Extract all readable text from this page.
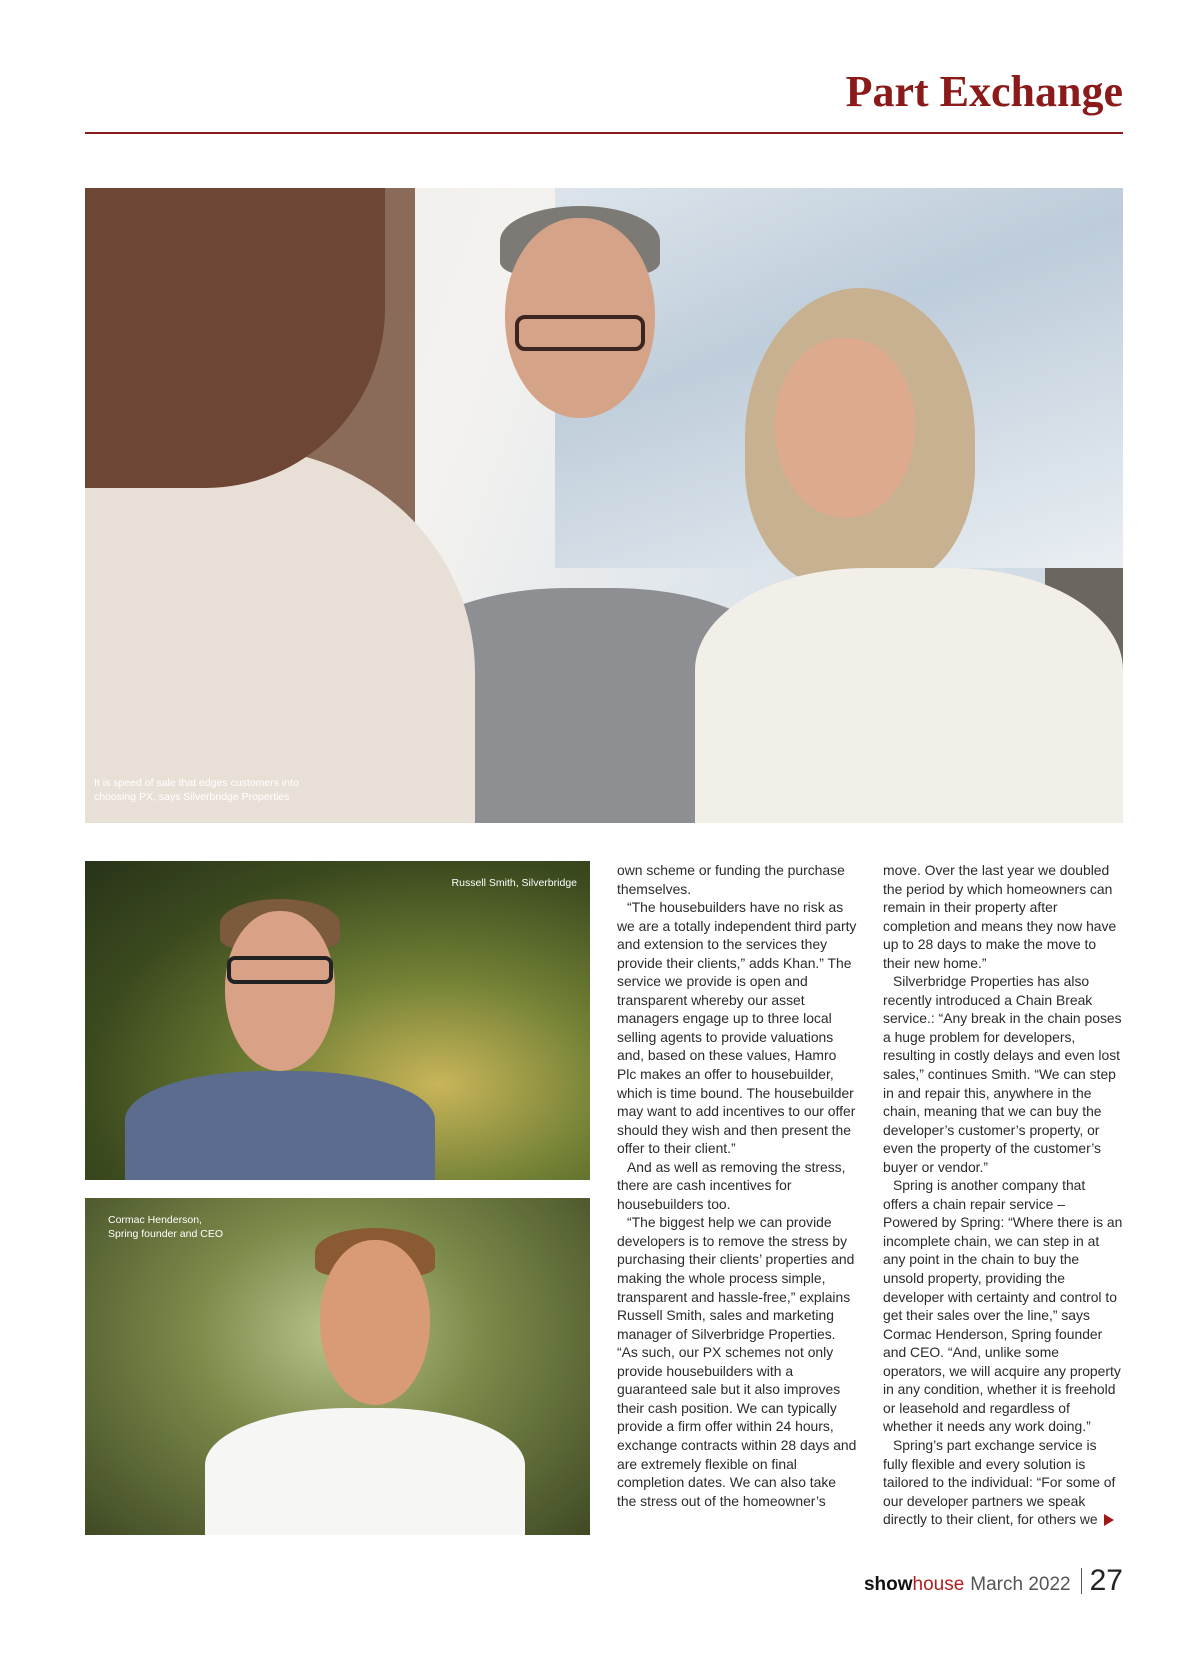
Part Exchange
It is speed of sale that edges customers into choosing PX, says Silverbridge Properties
Russell Smith, Silverbridge
Cormac Henderson,
Spring founder and CEO

own scheme or funding the purchase themselves.

“The housebuilders have no risk as we are a totally independent third party and extension to the services they provide their clients,” adds Khan.” The service we provide is open and transparent whereby our asset managers engage up to three local selling agents to provide valuations and, based on these values, Hamro Plc makes an offer to housebuilder, which is time bound. The housebuilder may want to add incentives to our offer should they wish and then present the offer to their client.”

And as well as removing the stress, there are cash incentives for housebuilders too.

“The biggest help we can provide developers is to remove the stress by purchasing their clients’ properties and making the whole process simple, transparent and hassle-free,” explains Russell Smith, sales and marketing manager of Silverbridge Properties. “As such, our PX schemes not only provide housebuilders with a guaranteed sale but it also improves their cash position. We can typically provide a firm offer within 24 hours, exchange contracts within 28 days and are extremely flexible on final completion dates. We can also take the stress out of the homeowner’s

move. Over the last year we doubled the period by which homeowners can remain in their property after completion and means they now have up to 28 days to make the move to their new home.”

Silverbridge Properties has also recently introduced a Chain Break service.: “Any break in the chain poses a huge problem for developers, resulting in costly delays and even lost sales,” continues Smith. “We can step in and repair this, anywhere in the chain, meaning that we can buy the developer’s customer’s property, or even the property of the customer’s buyer or vendor.”

Spring is another company that offers a chain repair service – Powered by Spring: “Where there is an incomplete chain, we can step in at any point in the chain to buy the unsold property, providing the developer with certainty and control to get their sales over the line,” says Cormac Henderson, Spring founder and CEO. “And, unlike some operators, we will acquire any property in any condition, whether it is freehold or leasehold and regardless of whether it needs any work doing.”

Spring’s part exchange service is fully flexible and every solution is tailored to the individual: “For some of our developer partners we speak directly to their client, for others we

show house March 2022 27
